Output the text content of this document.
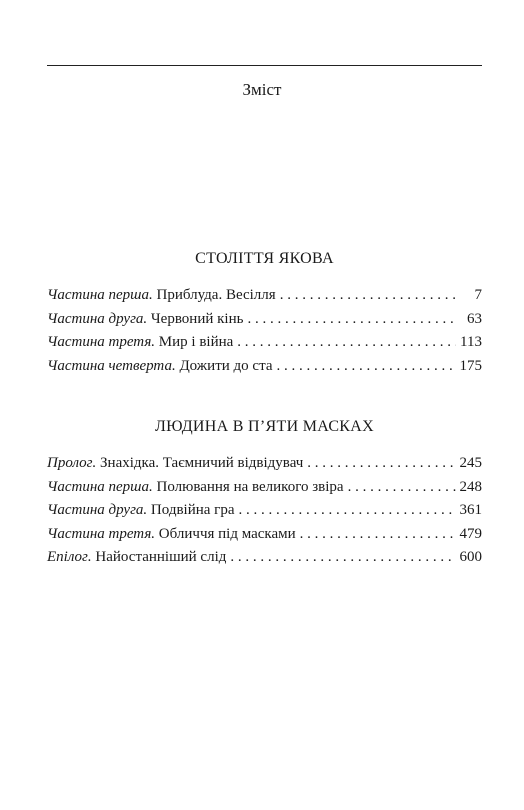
Зміст
СТОЛІТТЯ ЯКОВА
Частина перша . Приблуда. Весілля . . .	7
Частина друга . Червоний кінь . . .	63
Частина третя . Мир і війна . . .	113
Частина четверта . Дожити до ста . . .	175
ЛЮДИНА В П’ЯТИ МАСКАХ
Пролог . Знахідка. Таємничий відвідувач . . .	245
Частина перша . Полювання на великого звіра . . .	248
Частина друга . Подвійна гра . . .	361
Частина третя . Обличчя під масками . . .	479
Епілог . Найостанніший слід . . .	600
